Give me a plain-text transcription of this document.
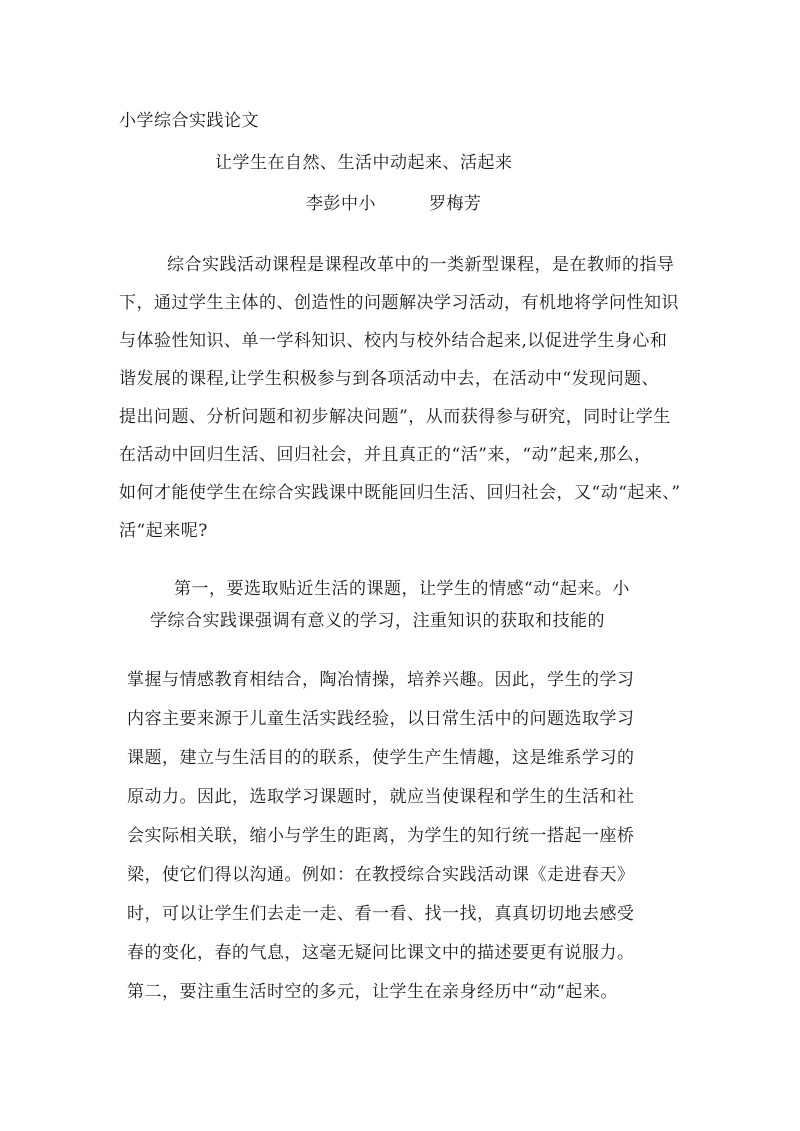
小学综合实践论文
让学生在自然、生活中动起来、活起来
李彭中小	罗梅芳
综合实践活动课程是课程改革中的一类新型课程，是在教师的指导
下，通过学生主体的、创造性的问题解决学习活动，有机地将学问性知识
与体验性知识、单一学科知识、校内与校外结合起来,以促进学生身心和
谐发展的课程,让学生积极参与到各项活动中去，在活动中“发现问题、
提出问题、分析问题和初步解决问题”，从而获得参与研究，同时让学生
在活动中回归生活、回归社会，并且真正的“活”来，“动”起来,那么，
如何才能使学生在综合实践课中既能回归生活、回归社会，又“动“起来、”
活“起来呢?
第一，要选取贴近生活的课题，让学生的情感“动“起来。小
学综合实践课强调有意义的学习，注重知识的获取和技能的
掌握与情感教育相结合，陶冶情操，培养兴趣。因此，学生的学习
内容主要来源于儿童生活实践经验，以日常生活中的问题选取学习
课题，建立与生活目的的联系，使学生产生情趣，这是维系学习的
原动力。因此，选取学习课题时，就应当使课程和学生的生活和社
会实际相关联，缩小与学生的距离，为学生的知行统一搭起一座桥
梁，使它们得以沟通。例如：在教授综合实践活动课《走进春天》
时，可以让学生们去走一走、看一看、找一找，真真切切地去感受
春的变化，春的气息，这毫无疑问比课文中的描述要更有说服力。
第二，要注重生活时空的多元，让学生在亲身经历中“动“起来。
